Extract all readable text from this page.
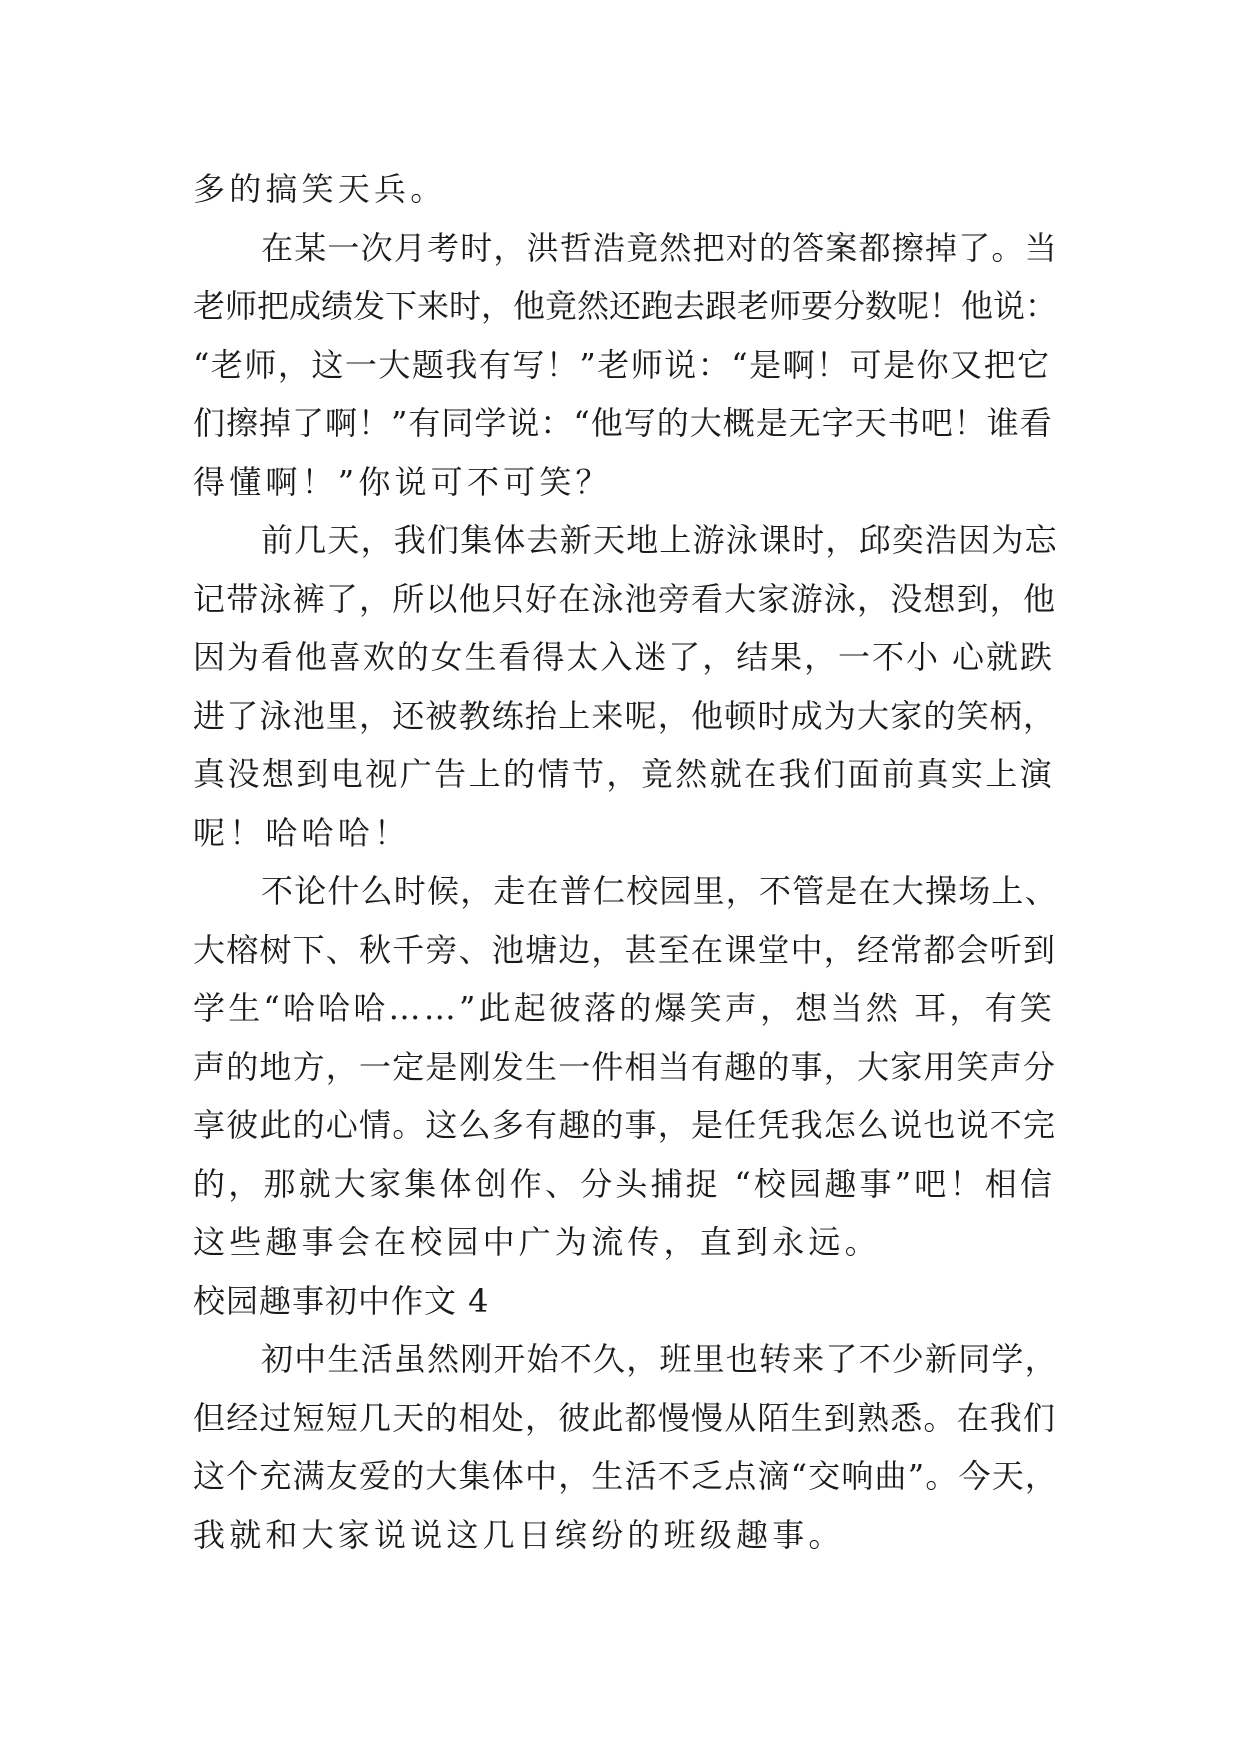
多的搞笑天兵。
在某一次月考时，洪哲浩竟然把对的答案都擦掉了。当
老师把成绩发下来时，他竟然还跑去跟老师要分数呢！他说：
“老师，这一大题我有写！”老师说：“是啊！可是你又把它
们擦掉了啊！”有同学说：“他写的大概是无字天书吧！谁看
得懂啊！”你说可不可笑？
前几天，我们集体去新天地上游泳课时，邱奕浩因为忘
记带泳裤了，所以他只好在泳池旁看大家游泳，没想到，他
因为看他喜欢的女生看得太入迷了，结果，一不小 心就跌
进了泳池里，还被教练抬上来呢，他顿时成为大家的笑柄，
真没想到电视广告上的情节，竟然就在我们面前真实上演
呢！哈哈哈！
不论什么时候，走在普仁校园里，不管是在大操场上、
大榕树下、秋千旁、池塘边，甚至在课堂中，经常都会听到
学生“哈哈哈……”此起彼落的爆笑声，想当然 耳，有笑
声的地方，一定是刚发生一件相当有趣的事，大家用笑声分
享彼此的心情。这么多有趣的事，是任凭我怎么说也说不完
的，那就大家集体创作、分头捕捉 “校园趣事”吧！相信
这些趣事会在校园中广为流传，直到永远。
校园趣事初中作文 4
初中生活虽然刚开始不久，班里也转来了不少新同学，
但经过短短几天的相处，彼此都慢慢从陌生到熟悉。在我们
这个充满友爱的大集体中，生活不乏点滴“交响曲”。今天，
我就和大家说说这几日缤纷的班级趣事。
